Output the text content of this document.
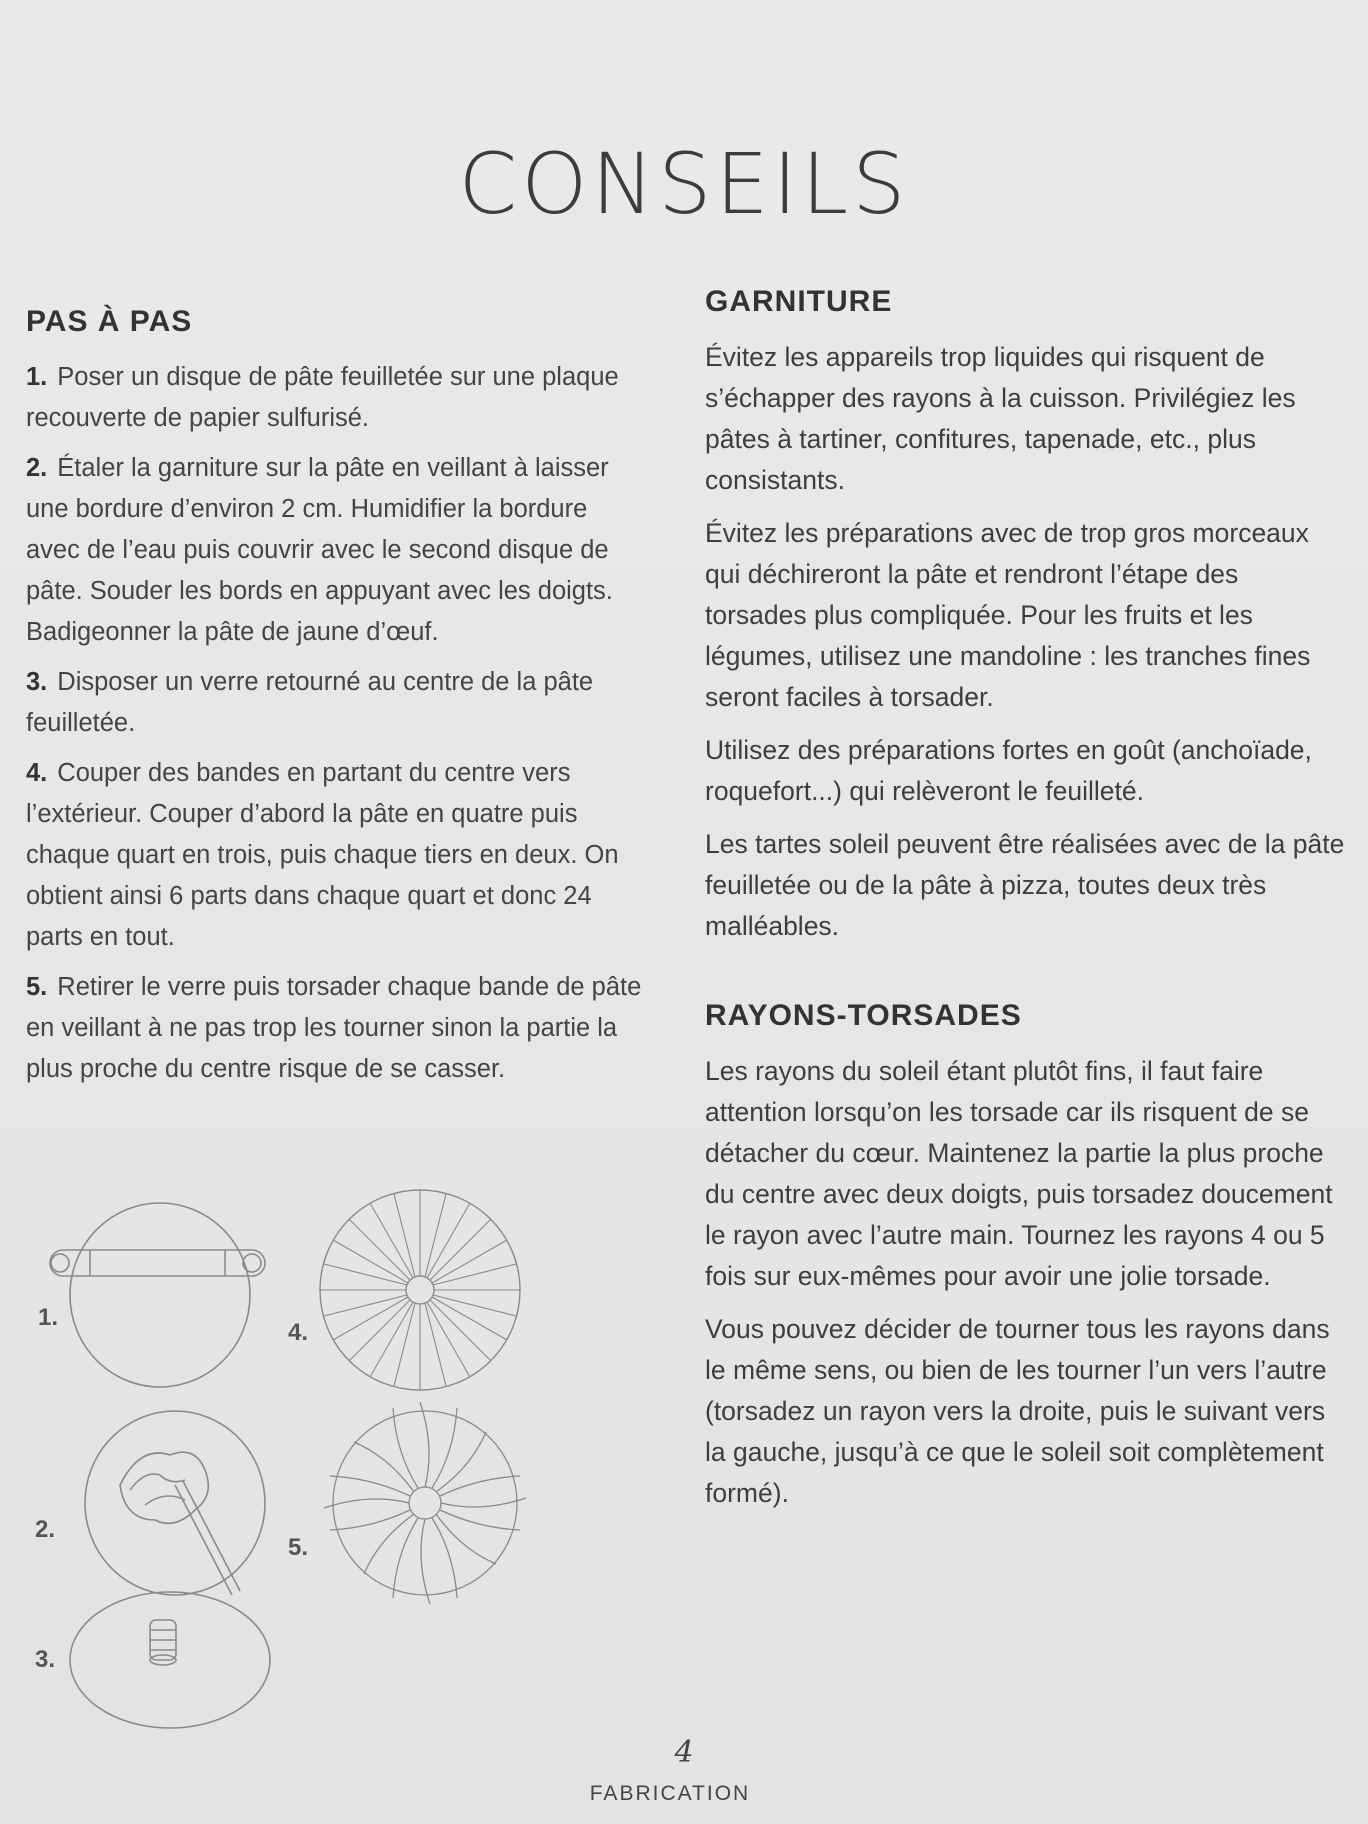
CONSEILS
PAS À PAS

1. Poser un disque de pâte feuilletée sur une plaque recouverte de papier sulfurisé.

2. Étaler la garniture sur la pâte en veillant à laisser une bordure d’environ 2 cm. Humidifier la bordure avec de l’eau puis couvrir avec le second disque de pâte. Souder les bords en appuyant avec les doigts. Badigeonner la pâte de jaune d’œuf.

3. Disposer un verre retourné au centre de la pâte feuilletée.

4. Couper des bandes en partant du centre vers l’extérieur. Couper d’abord la pâte en quatre puis chaque quart en trois, puis chaque tiers en deux. On obtient ainsi 6 parts dans chaque quart et donc 24 parts en tout.

5. Retirer le verre puis torsader chaque bande de pâte en veillant à ne pas trop les tourner sinon la partie la plus proche du centre risque de se casser.

1.
2.
3.
4.
5.
GARNITURE

Évitez les appareils trop liquides qui risquent de s’échapper des rayons à la cuisson. Privilégiez les pâtes à tartiner, confitures, tapenade, etc., plus consistants.

Évitez les préparations avec de trop gros morceaux qui déchireront la pâte et rendront l’étape des torsades plus compliquée. Pour les fruits et les légumes, utilisez une mandoline : les tranches fines seront faciles à torsader.

Utilisez des préparations fortes en goût (anchoïade, roquefort...) qui relèveront le feuilleté.

Les tartes soleil peuvent être réalisées avec de la pâte feuilletée ou de la pâte à pizza, toutes deux très malléables.

RAYONS-TORSADES

Les rayons du soleil étant plutôt fins, il faut faire attention lorsqu’on les torsade car ils risquent de se détacher du cœur. Maintenez la partie la plus proche du centre avec deux doigts, puis torsadez doucement le rayon avec l’autre main. Tournez les rayons 4 ou 5 fois sur eux-mêmes pour avoir une jolie torsade.

Vous pouvez décider de tourner tous les rayons dans le même sens, ou bien de les tourner l’un vers l’autre (torsadez un rayon vers la droite, puis le suivant vers la gauche, jusqu’à ce que le soleil soit complètement formé).

4
FABRICATION
